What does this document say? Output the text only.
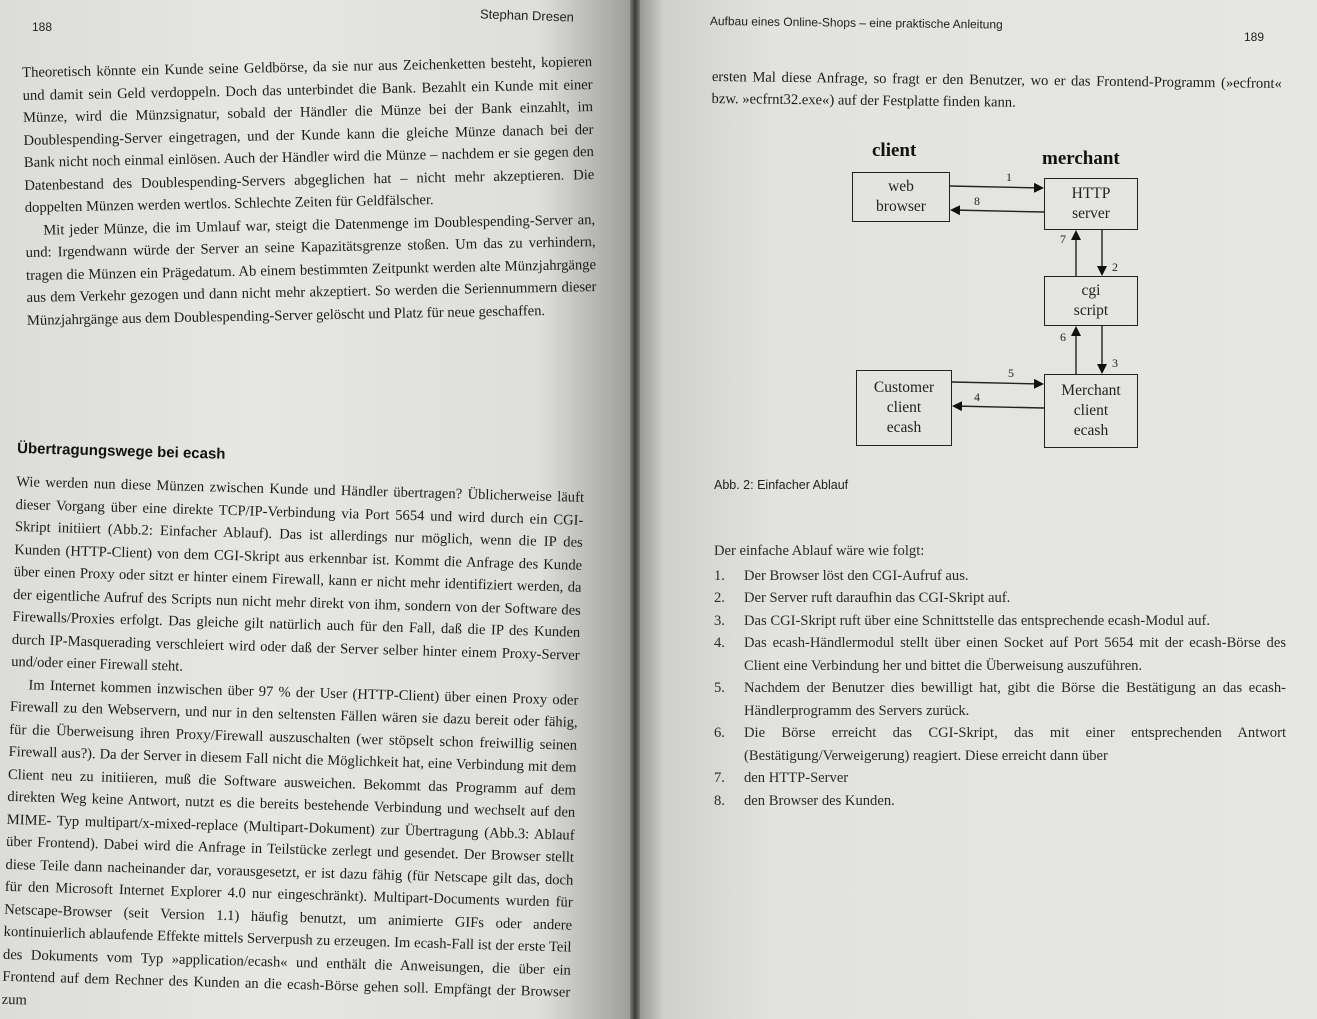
188
Stephan Dresen

Theoretisch könnte ein Kunde seine Geldbörse, da sie nur aus Zeichenketten besteht, kopieren und damit sein Geld verdoppeln. Doch das unterbindet die Bank. Bezahlt ein Kunde mit einer Münze, wird die Münzsignatur, sobald der Händler die Münze bei der Bank einzahlt, im Doublespending-Server eingetragen, und der Kunde kann die gleiche Münze danach bei der Bank nicht noch einmal einlösen. Auch der Händler wird die Münze – nachdem er sie gegen den Datenbestand des Doublespending-Servers abgeglichen hat – nicht mehr akzeptieren. Die doppelten Münzen werden wertlos. Schlechte Zeiten für Geldfälscher.

Mit jeder Münze, die im Umlauf war, steigt die Datenmenge im Doublespending-Server an, und: Irgendwann würde der Server an seine Kapazitätsgrenze stoßen. Um das zu verhindern, tragen die Münzen ein Prägedatum. Ab einem bestimmten Zeitpunkt werden alte Münzjahrgänge aus dem Verkehr gezogen und dann nicht mehr akzeptiert. So werden die Seriennummern dieser Münzjahrgänge aus dem Doublespending-Server gelöscht und Platz für neue geschaffen.

Übertragungswege bei ecash

Wie werden nun diese Münzen zwischen Kunde und Händler übertragen? Üblicherweise läuft dieser Vorgang über eine direkte TCP/IP-Verbindung via Port 5654 und wird durch ein CGI-Skript initiiert (Abb.2: Einfacher Ablauf). Das ist allerdings nur möglich, wenn die IP des Kunden (HTTP-Client) von dem CGI-Skript aus erkennbar ist. Kommt die Anfrage des Kunde über einen Proxy oder sitzt er hinter einem Firewall, kann er nicht mehr identifiziert werden, da der eigentliche Aufruf des Scripts nun nicht mehr direkt von ihm, sondern von der Software des Firewalls/Proxies erfolgt. Das gleiche gilt natürlich auch für den Fall, daß die IP des Kunden durch IP-Masquerading verschleiert wird oder daß der Server selber hinter einem Proxy-Server und/oder einer Firewall steht.

Im Internet kommen inzwischen über 97 % der User (HTTP-Client) über einen Proxy oder Firewall zu den Webservern, und nur in den seltensten Fällen wären sie dazu bereit oder fähig, für die Überweisung ihren Proxy/Firewall auszuschalten (wer stöpselt schon freiwillig seinen Firewall aus?). Da der Server in diesem Fall nicht die Möglichkeit hat, eine Verbindung mit dem Client neu zu initiieren, muß die Software ausweichen. Bekommt das Programm auf dem direkten Weg keine Antwort, nutzt es die bereits bestehende Verbindung und wechselt auf den MIME- Typ multipart/x-mixed-replace (Multipart-Dokument) zur Übertragung (Abb.3: Ablauf über Frontend). Dabei wird die Anfrage in Teilstücke zerlegt und gesendet. Der Browser stellt diese Teile dann nacheinander dar, vorausgesetzt, er ist dazu fähig (für Netscape gilt das, doch für den Microsoft Internet Explorer 4.0 nur eingeschränkt). Multipart-Documents wurden für Netscape-Browser (seit Version 1.1) häufig benutzt, um animierte GIFs oder andere kontinuierlich ablaufende Effekte mittels Serverpush zu erzeugen. Im ecash-Fall ist der erste Teil des Dokuments vom Typ »application/ecash« und enthält die Anweisungen, die über ein Frontend auf dem Rechner des Kunden an die ecash-Börse gehen soll. Empfängt der Browser zum

Aufbau eines Online-Shops – eine praktische Anleitung
189
ersten Mal diese Anfrage, so fragt er den Benutzer, wo er das Frontend-Programm (»ecfront« bzw. »ecfrnt32.exe«) auf der Festplatte finden kann.
client	merchant
web
browser
HTTP
server
cgi
script
Customer
client
ecash
Merchant
client
ecash
1
8
7
2
6
3
5
4
Abb. 2: Einfacher Ablauf

Der einfache Ablauf wäre wie folgt:

1.	Der Browser löst den CGI-Aufruf aus.
2.	Der Server ruft daraufhin das CGI-Skript auf.
3.	Das CGI-Skript ruft über eine Schnittstelle das entsprechende ecash-Modul auf.
4.	Das ecash-Händlermodul stellt über einen Socket auf Port 5654 mit der ecash-Börse des Client eine Verbindung her und bittet die Überweisung auszuführen.
5.	Nachdem der Benutzer dies bewilligt hat, gibt die Börse die Bestätigung an das ecash-Händlerprogramm des Servers zurück.
6.	Die Börse erreicht das CGI-Skript, das mit einer entsprechenden Antwort (Bestätigung/Verweigerung) reagiert. Diese erreicht dann über
7.	den HTTP-Server
8.	den Browser des Kunden.
